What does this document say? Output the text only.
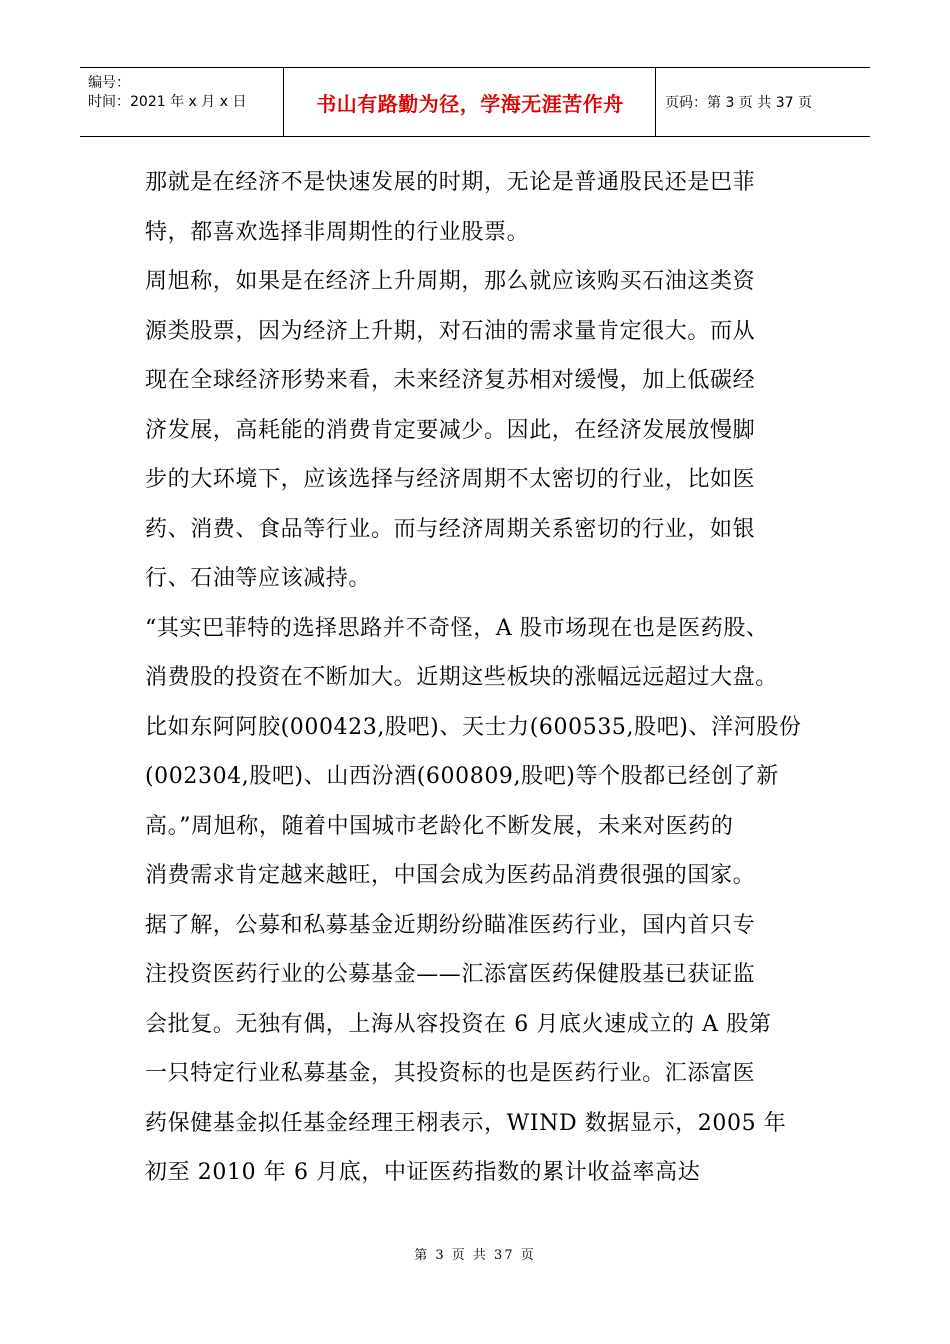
编号：
时间：2021 年 x 月 x 日	书山有路勤为径，学海无涯苦作舟	页码：第 3 页 共 37 页
那就是在经济不是快速发展的时期，无论是普通股民还是巴菲
特，都喜欢选择非周期性的行业股票。
周旭称，如果是在经济上升周期，那么就应该购买石油这类资
源类股票，因为经济上升期，对石油的需求量肯定很大。而从
现在全球经济形势来看，未来经济复苏相对缓慢，加上低碳经
济发展，高耗能的消费肯定要减少。因此，在经济发展放慢脚
步的大环境下，应该选择与经济周期不太密切的行业，比如医
药、消费、食品等行业。而与经济周期关系密切的行业，如银
行、石油等应该减持。
“其实巴菲特的选择思路并不奇怪，A 股市场现在也是医药股、
消费股的投资在不断加大。近期这些板块的涨幅远远超过大盘。
比如东阿阿胶(000423,股吧)、天士力(600535,股吧)、洋河股份
(002304,股吧)、山西汾酒(600809,股吧)等个股都已经创了新
高。”周旭称，随着中国城市老龄化不断发展，未来对医药的
消费需求肯定越来越旺，中国会成为医药品消费很强的国家。
据了解，公募和私募基金近期纷纷瞄准医药行业，国内首只专
注投资医药行业的公募基金——汇添富医药保健股基已获证监
会批复。无独有偶，上海从容投资在 6 月底火速成立的 A 股第
一只特定行业私募基金，其投资标的也是医药行业。汇添富医
药保健基金拟任基金经理王栩表示，WIND 数据显示，2005 年
初至 2010 年 6 月底，中证医药指数的累计收益率高达
第 3 页 共 37 页
